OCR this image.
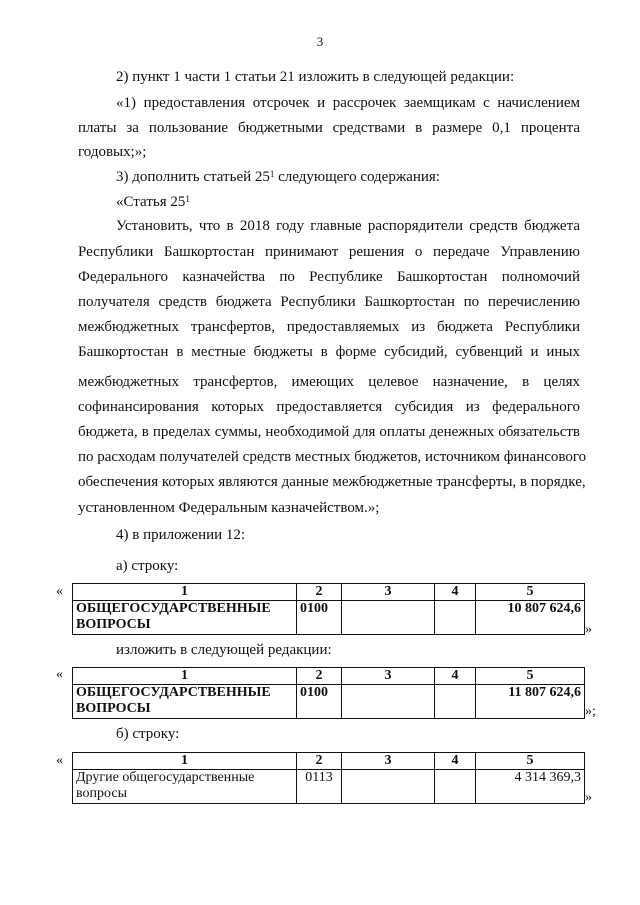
3
2) пункт 1 части 1 статьи 21 изложить в следующей редакции:
«1) предоставления отсрочек и рассрочек заемщикам с начислением
платы за пользование бюджетными средствами в размере 0,1 процента
годовых;»;
3) дополнить статьей $25^1$ следующего содержания:
«Статья $25^1$
Установить, что в 2018 году главные распорядители средств бюджета
Республики Башкортостан принимают решения о передаче Управлению
Федерального казначейства по Республике Башкортостан полномочий
получателя средств бюджета Республики Башкортостан по перечислению
межбюджетных трансфертов, предоставляемых из бюджета Республики
Башкортостан в местные бюджеты в форме субсидий, субвенций и иных
межбюджетных трансфертов, имеющих целевое назначение, в целях
софинансирования которых предоставляется субсидия из федерального
бюджета, в пределах суммы, необходимой для оплаты денежных обязательств
по расходам получателей средств местных бюджетов, источником финансового
обеспечения которых являются данные межбюджетные трансферты, в порядке,
установленном Федеральным казначейством.»;
4) в приложении 12:
а) строку:
«	1	2	3	4	5
ОБЩЕГОСУДАРСТВЕННЫЕ ВОПРОСЫ	0100			10 807 624,6
»
изложить в следующей редакции:
«	1	2	3	4	5
ОБЩЕГОСУДАРСТВЕННЫЕ ВОПРОСЫ	0100			11 807 624,6
»;
б) строку:
«	1	2	3	4	5
Другие общегосударственные вопросы	0113			4 314 369,3
»
